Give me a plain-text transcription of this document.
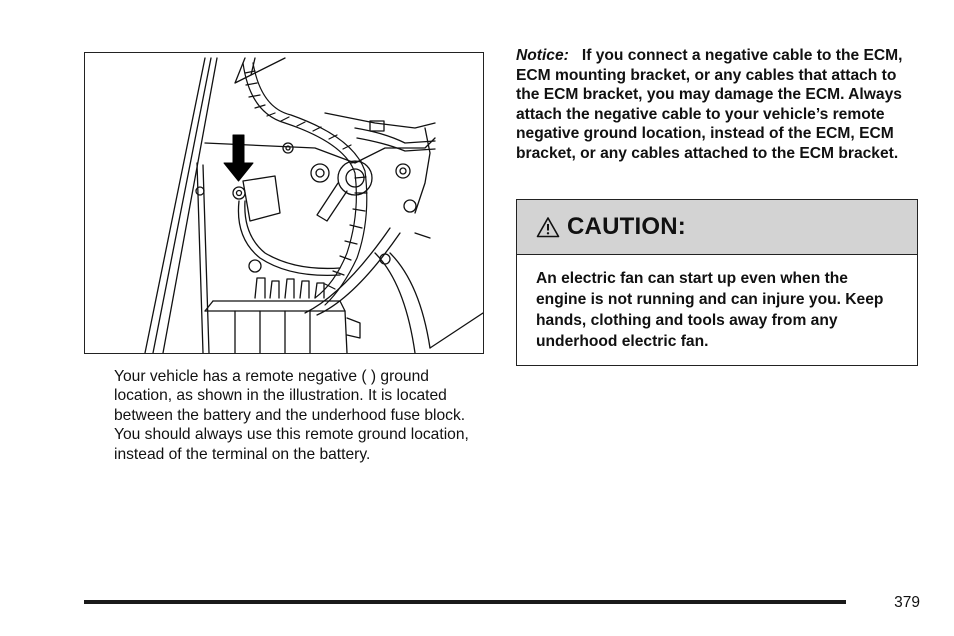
Your vehicle has a remote negative ( ) ground location, as shown in the illustration. It is located between the battery and the underhood fuse block. You should always use this remote ground location, instead of the terminal on the battery.

Notice: If you connect a negative cable to the ECM, ECM mounting bracket, or any cables that attach to the ECM bracket, you may damage the ECM. Always attach the negative cable to your vehicle’s remote negative ground location, instead of the ECM, ECM bracket, or any cables attached to the ECM bracket.

CAUTION:

An electric fan can start up even when the engine is not running and can injure you. Keep hands, clothing and tools away from any underhood electric fan.

379
